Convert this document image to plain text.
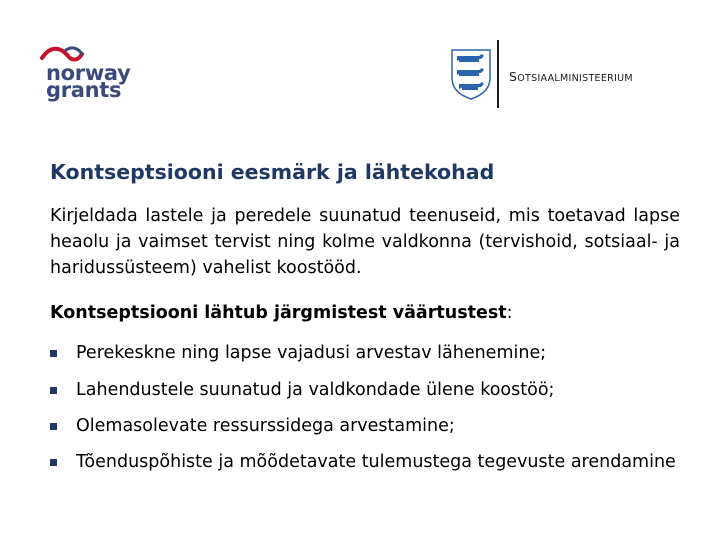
norway
grants
SOTSIAALMINISTEERIUM
Kontseptsiooni eesmärk ja lähtekohad

Kirjeldada lastele ja peredele suunatud teenuseid, mis toetavad lapse heaolu ja vaimset tervist ning kolme valdkonna (tervishoid, sotsiaal- ja haridussüsteem) vahelist koostööd.

Kontseptsiooni lähtub järgmistest väärtustest:

Perekeskne ning lapse vajadusi arvestav lähenemine;
Lahendustele suunatud ja valdkondade ülene koostöö;
Olemasolevate ressurssidega arvestamine;
Tõenduspõhiste ja mõõdetavate tulemustega tegevuste arendamine
